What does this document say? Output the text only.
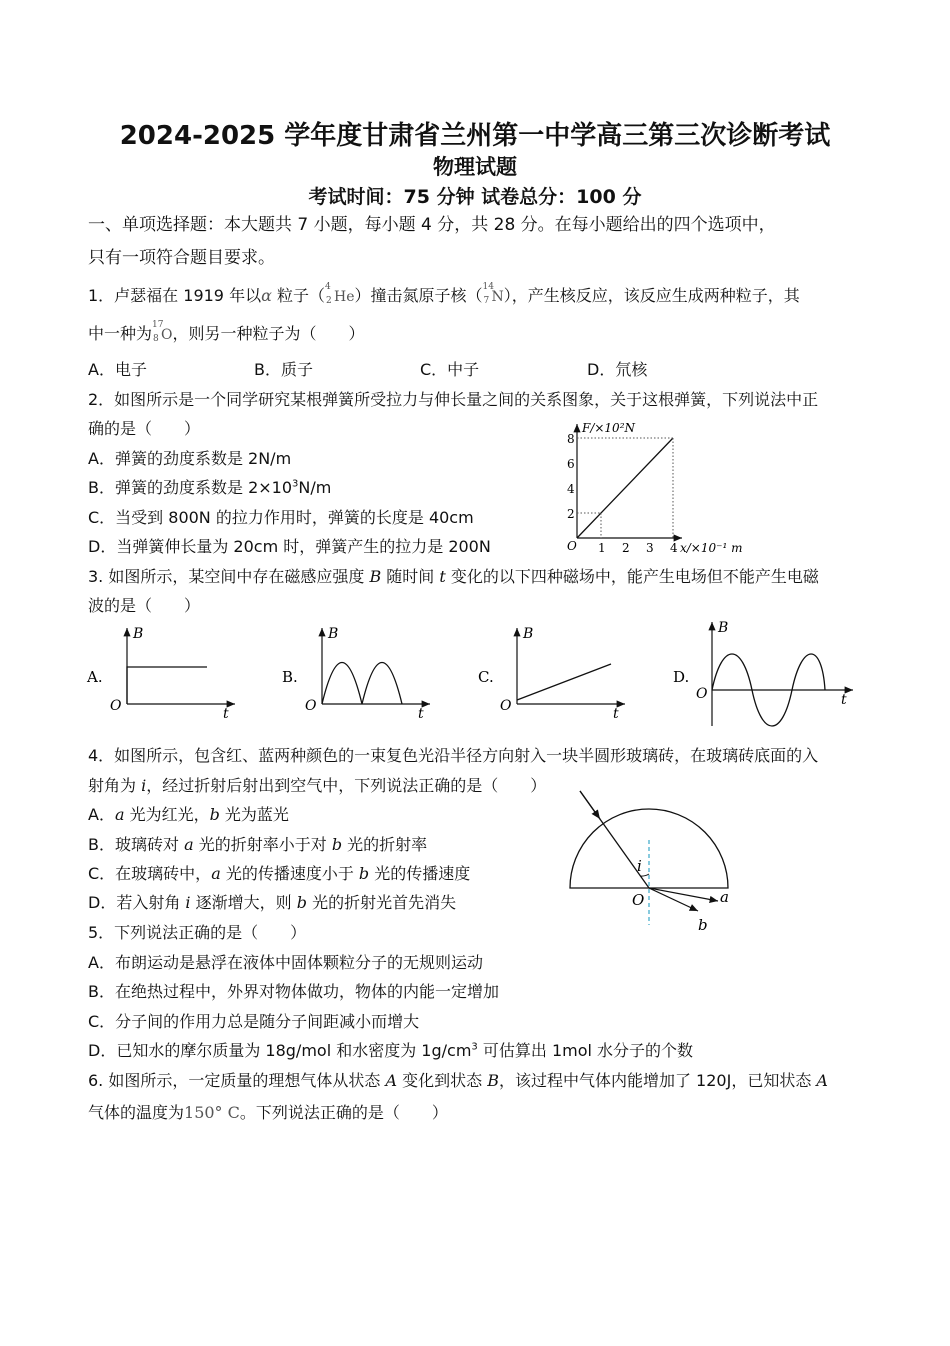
2024-2025 学年度甘肃省兰州第一中学高三第三次诊断考试
物理试题
考试时间：75 分钟 试卷总分：100 分
一、单项选择题：本大题共 7 小题，每小题 4 分，共 28 分。在每小题给出的四个选项中，
只有一项符合题目要求。
1．卢瑟福在 1919 年以α 粒子（ 4
2 He）撞击氮原子核（ 14
7 N），产生核反应，该反应生成两种粒子，其
中一种为 17
8 O，则另一种粒子为（　　）
A．电子	B．质子	C．中子	D．氘核
2．如图所示是一个同学研究某根弹簧所受拉力与伸长量之间的关系图象，关于这根弹簧，下列说法中正
确的是（　　）
A．弹簧的劲度系数是 2N/m
B．弹簧的劲度系数是 $2\times 10^3N/m$
C．当受到 800N 的拉力作用时，弹簧的长度是 40cm
D．当弹簧伸长量为 20cm 时，弹簧产生的拉力是 200N
F/×10²N
x/×10⁻¹ m
O
2
4
6
8
1 2 3 4
3. 如图所示，某空间中存在磁感应强度 B 随时间 t 变化的以下四种磁场中，能产生电场但不能产生电磁
波的是（　　）
A.
B
t
O
B.
B
t
O
C.
B
t
O
D.
B
t
O
4．如图所示，包含红、蓝两种颜色的一束复色光沿半径方向射入一块半圆形玻璃砖，在玻璃砖底面的入
射角为 i，经过折射后射出到空气中，下列说法正确的是（　　）
A．a 光为红光，b 光为蓝光
B．玻璃砖对 a 光的折射率小于对 b 光的折射率
C．在玻璃砖中，a 光的传播速度小于 b 光的传播速度
D．若入射角 i 逐渐增大，则 b 光的折射光首先消失
i
O	a
b
5．下列说法正确的是（　　）
A．布朗运动是悬浮在液体中固体颗粒分子的无规则运动
B．在绝热过程中，外界对物体做功，物体的内能一定增加
C．分子间的作用力总是随分子间距减小而增大
D．已知水的摩尔质量为 18g/mol 和水密度为 $1g/cm^3$ 可估算出 1mol 水分子的个数
6. 如图所示，一定质量的理想气体从状态 A 变化到状态 B，该过程中气体内能增加了 120J，已知状态 A
气体的温度为150° C。下列说法正确的是（　　）
